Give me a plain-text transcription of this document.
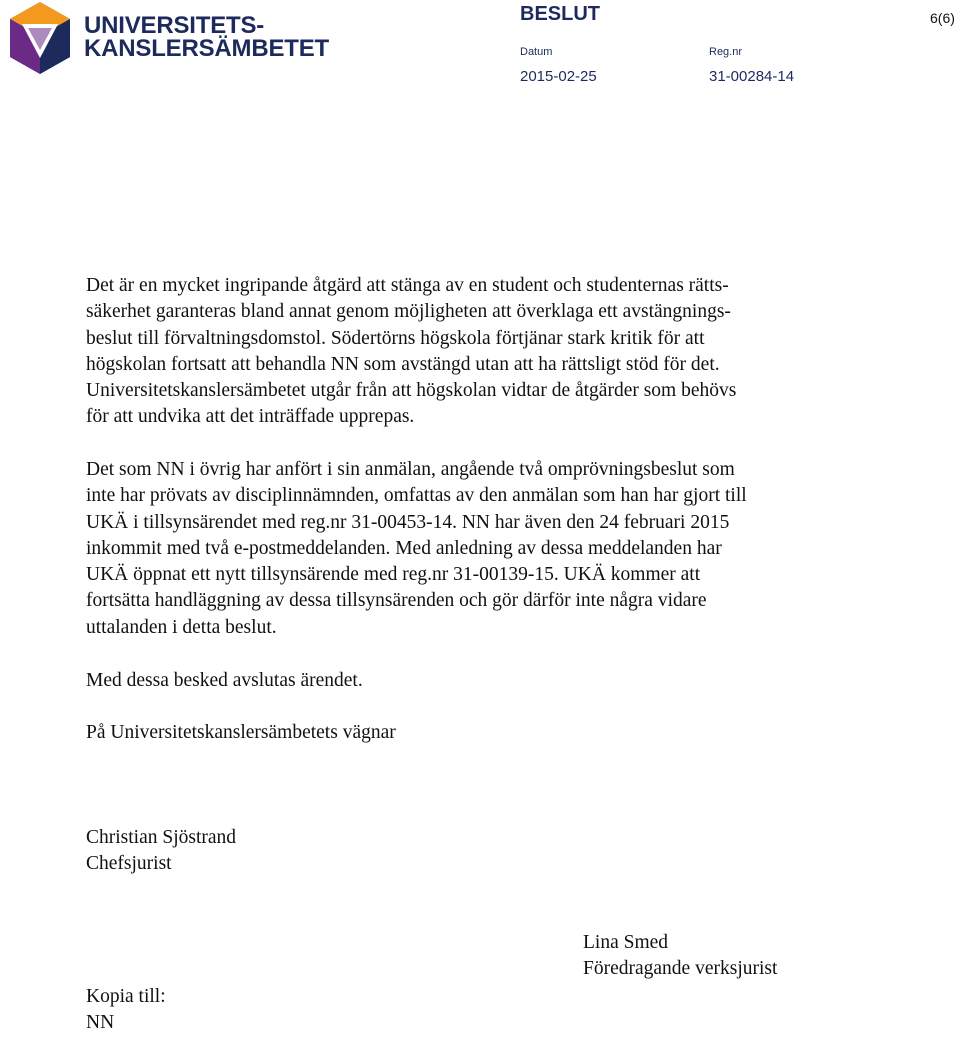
UNIVERSITETS-
KANSLERSÄMBETET
BESLUT	6(6)
Datum	Reg.nr
2015-02-25	31-00284-14
Det är en mycket ingripande åtgärd att stänga av en student och studenternas rätts-
säkerhet garanteras bland annat genom möjligheten att överklaga ett avstängnings-
beslut till förvaltningsdomstol. Södertörns högskola förtjänar stark kritik för att
högskolan fortsatt att behandla NN som avstängd utan att ha rättsligt stöd för det.
Universitetskanslersämbetet utgår från att högskolan vidtar de åtgärder som behövs
för att undvika att det inträffade upprepas.
Det som NN i övrig har anfört i sin anmälan, angående två omprövningsbeslut som
inte har prövats av disciplinnämnden, omfattas av den anmälan som han har gjort till
UKÄ i tillsynsärendet med reg.nr 31-00453-14. NN har även den 24 februari 2015
inkommit med två e-postmeddelanden. Med anledning av dessa meddelanden har
UKÄ öppnat ett nytt tillsynsärende med reg.nr 31-00139-15. UKÄ kommer att
fortsätta handläggning av dessa tillsynsärenden och gör därför inte några vidare
uttalanden i detta beslut.
Med dessa besked avslutas ärendet.
På Universitetskanslersämbetets vägnar
Christian Sjöstrand
Chefsjurist
Lina Smed
Föredragande verksjurist
Kopia till:
NN
